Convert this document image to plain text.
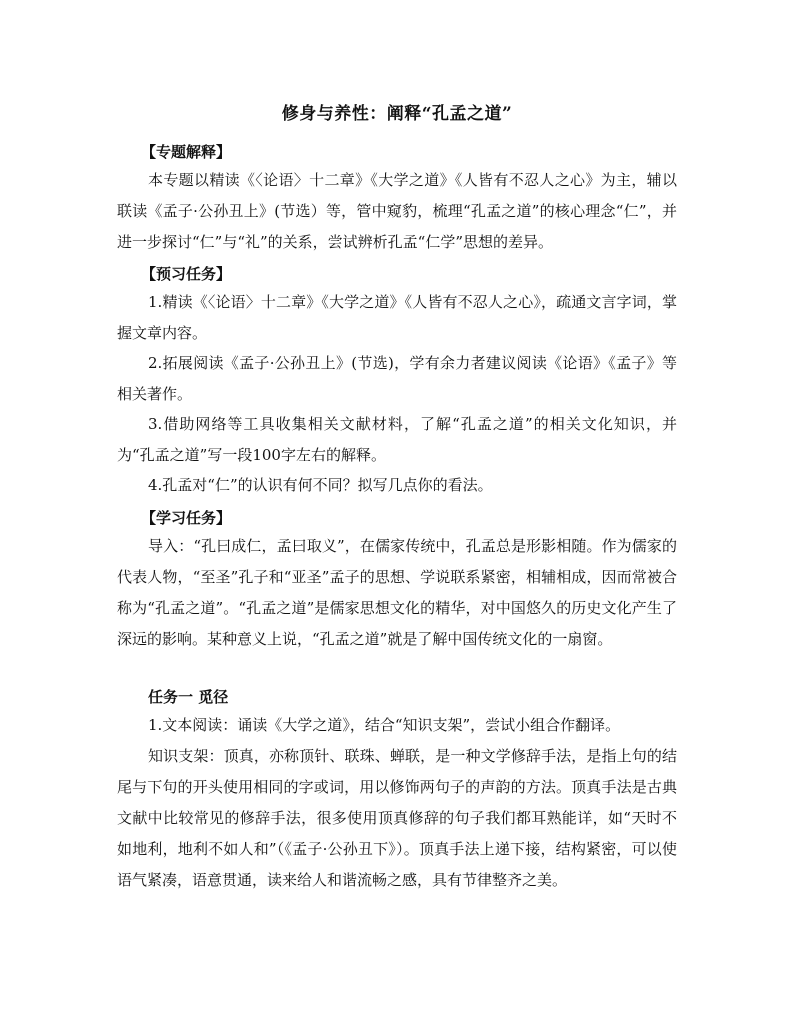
修身与养性：阐释“孔孟之道”
【专题解释】

本专题以精读《〈论语〉十二章》《大学之道》《人皆有不忍人之心》为主，辅以联读《孟子·公孙丑上》(节选）等，管中窥豹，梳理“孔孟之道”的核心理念“仁”，并进一步探讨“仁”与“礼”的关系，尝试辨析孔孟“仁学”思想的差异。

【预习任务】

1.精读《〈论语〉十二章》《大学之道》《人皆有不忍人之心》，疏通文言字词，掌握文章内容。

2.拓展阅读《孟子·公孙丑上》(节选)，学有余力者建议阅读《论语》《孟子》等相关著作。

3.借助网络等工具收集相关文献材料，了解“孔孟之道”的相关文化知识，并为“孔孟之道”写一段100字左右的解释。

4.孔孟对“仁”的认识有何不同？拟写几点你的看法。

【学习任务】

导入：“孔曰成仁，孟曰取义”，在儒家传统中，孔孟总是形影相随。作为儒家的代表人物，“至圣”孔子和“亚圣”孟子的思想、学说联系紧密，相辅相成，因而常被合称为“孔孟之道”。“孔孟之道”是儒家思想文化的精华，对中国悠久的历史文化产生了深远的影响。某种意义上说，“孔孟之道”就是了解中国传统文化的一扇窗。

任务一 觅径

1.文本阅读：诵读《大学之道》，结合“知识支架”，尝试小组合作翻译。

知识支架：顶真，亦称顶针、联珠、蝉联，是一种文学修辞手法，是指上句的结尾与下句的开头使用相同的字或词，用以修饰两句子的声韵的方法。顶真手法是古典文献中比较常见的修辞手法，很多使用顶真修辞的句子我们都耳熟能详，如“天时不如地利，地利不如人和”（《孟子·公孙丑下》）。顶真手法上递下接，结构紧密，可以使语气紧凑，语意贯通，读来给人和谐流畅之感，具有节律整齐之美。
